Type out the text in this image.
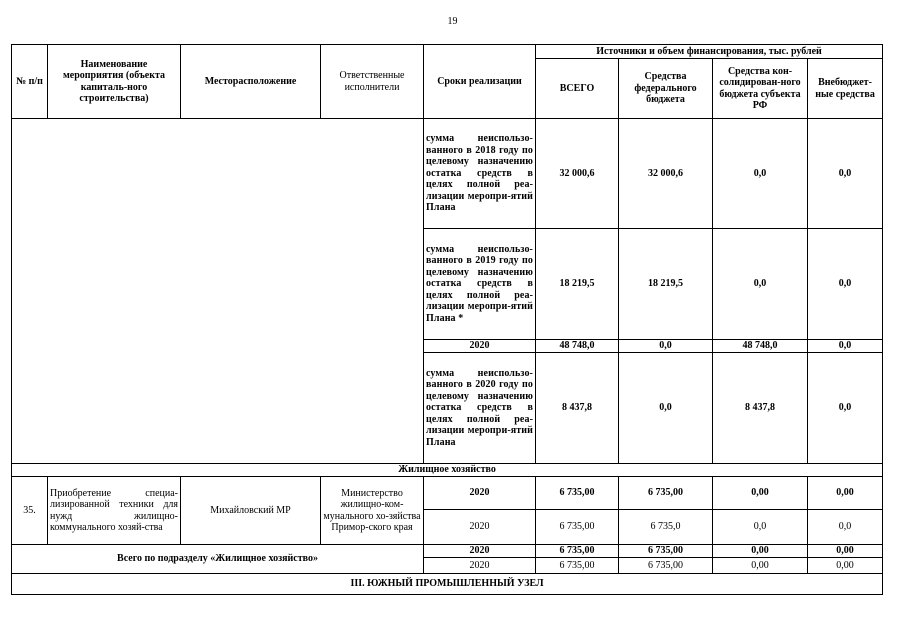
19
№ п/п	Наименование мероприятия (объекта капиталь-ного строительства)	Месторасположение	Ответственные исполнители	Сроки реализации	Источники и объем финансирования, тыс. рублей			
					ВСЕГО	Средства федерального бюджета	Средства кон-солидирован-ного бюджета субъекта РФ	Внебюджет-ные средства
				сумма неиспользо-ванного в 2018 году по целевому назначению остатка средств в целях полной реа-лизации меропри-ятий Плана	32 000,6	32 000,6	0,0	0,0
				сумма неиспользо-ванного в 2019 году по целевому назначению остатка средств в целях полной реа-лизации меропри-ятий Плана *	18 219,5	18 219,5	0,0	0,0
				2020	48 748,0	0,0	48 748,0	0,0
				сумма неиспользо-ванного в 2020 году по целевому назначению остатка средств в целях полной реа-лизации меропри-ятий Плана	8 437,8	0,0	8 437,8	0,0
Жилищное хозяйство								
35.	Приобретение специа-лизированной техники для нужд жилищно-коммунального хозяй-ства	Михайловский МР	Министерство жилищно-ком-мунального хо-зяйства Примор-ского края	2020	6 735,00	6 735,00	0,00	0,00
				2020	6 735,00	6 735,0	0,0	0,0
Всего по подразделу «Жилищное хозяйство»				2020	6 735,00	6 735,00	0,00	0,00
				2020	6 735,00	6 735,00	0,00	0,00
III. ЮЖНЫЙ ПРОМЫШЛЕННЫЙ УЗЕЛ								
